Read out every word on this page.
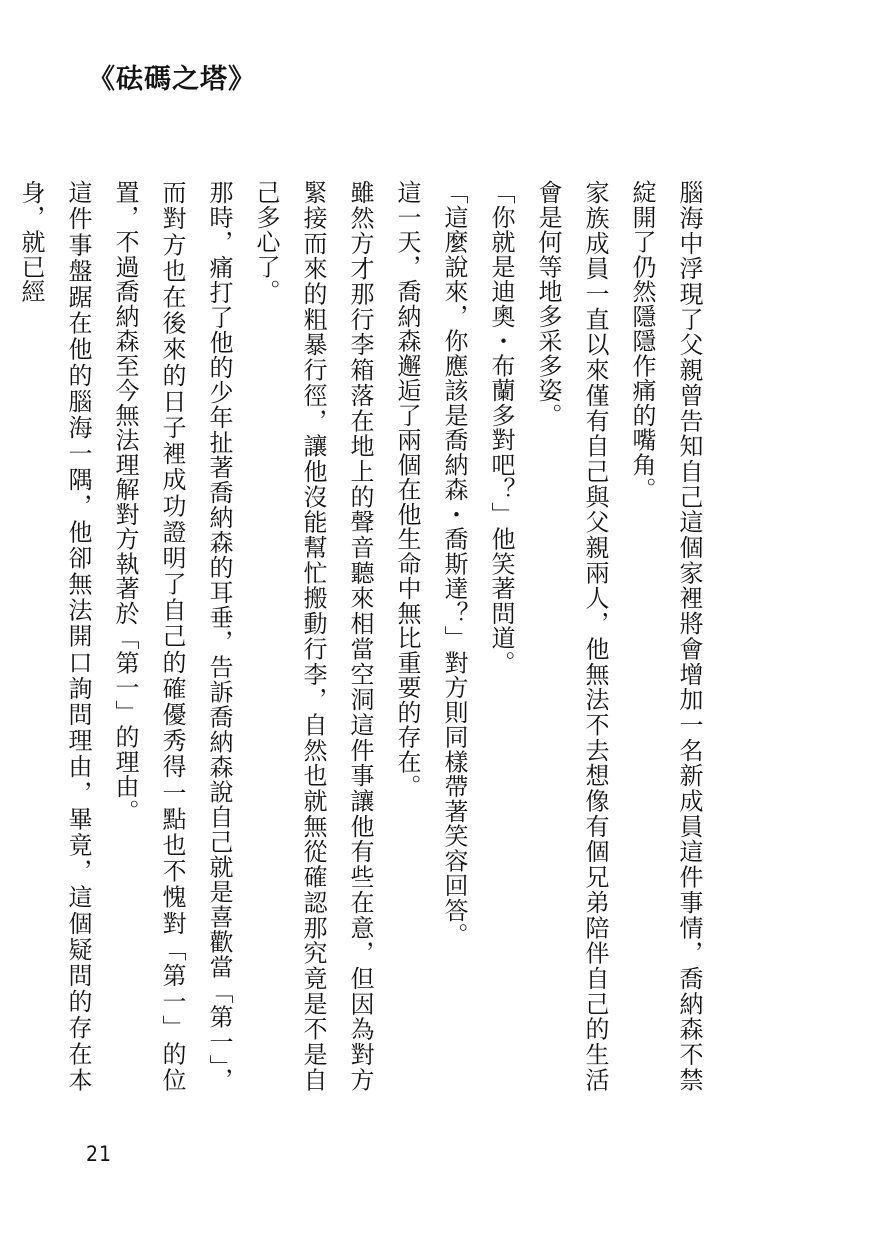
《砝碼之塔》

腦海中浮現了父親曾告知自己這個家裡將會增加一名新成員這件事情，喬納森不禁綻開了仍然隱隱作痛的嘴角。

家族成員一直以來僅有自己與父親兩人，他無法不去想像有個兄弟陪伴自己的生活會是何等地多采多姿。

「你就是迪奧・布蘭多對吧？」他笑著問道。

「這麼說來，你應該是喬納森・喬斯達？」對方則同樣帶著笑容回答。

這一天，喬納森邂逅了兩個在他生命中無比重要的存在。

雖然方才那行李箱落在地上的聲音聽來相當空洞這件事讓他有些在意，但因為對方緊接而來的粗暴行徑，讓他沒能幫忙搬動行李，自然也就無從確認那究竟是不是自己多心了。

那時，痛打了他的少年扯著喬納森的耳垂，告訴喬納森說自己就是喜歡當「第一」，而對方也在後來的日子裡成功證明了自己的確優秀得一點也不愧對「第一」的位置，不過喬納森至今無法理解對方執著於「第一」的理由。

這件事盤踞在他的腦海一隅，他卻無法開口詢問理由，畢竟，這個疑問的存在本身，就已經

21
